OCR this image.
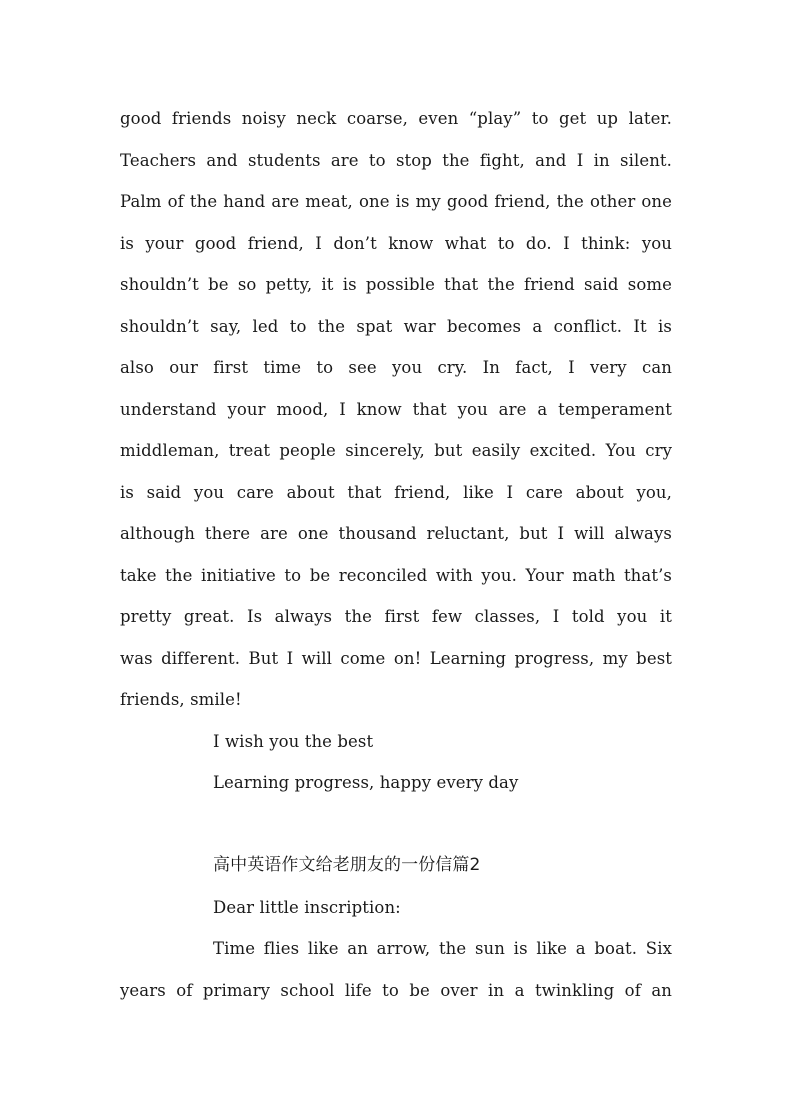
good friends noisy neck coarse, even “play” to get up later.
Teachers and students are to stop the fight, and I in silent.
Palm of the hand are meat, one is my good friend, the other one
is your good friend, I don’t know what to do. I think: you
shouldn’t be so petty, it is possible that the friend said some
shouldn’t say, led to the spat war becomes a conflict. It is
also our first time to see you cry. In fact, I very can
understand your mood, I know that you are a temperament
middleman, treat people sincerely, but easily excited. You cry
is said you care about that friend, like I care about you,
although there are one thousand reluctant, but I will always
take the initiative to be reconciled with you. Your math that’s
pretty great. Is always the first few classes, I told you it
was different. But I will come on! Learning progress, my best
friends, smile!
I wish you the best
Learning progress, happy every day
高中英语作文给老朋友的一份信篇2
Dear little inscription:
Time flies like an arrow, the sun is like a boat. Six
years of primary school life to be over in a twinkling of an
